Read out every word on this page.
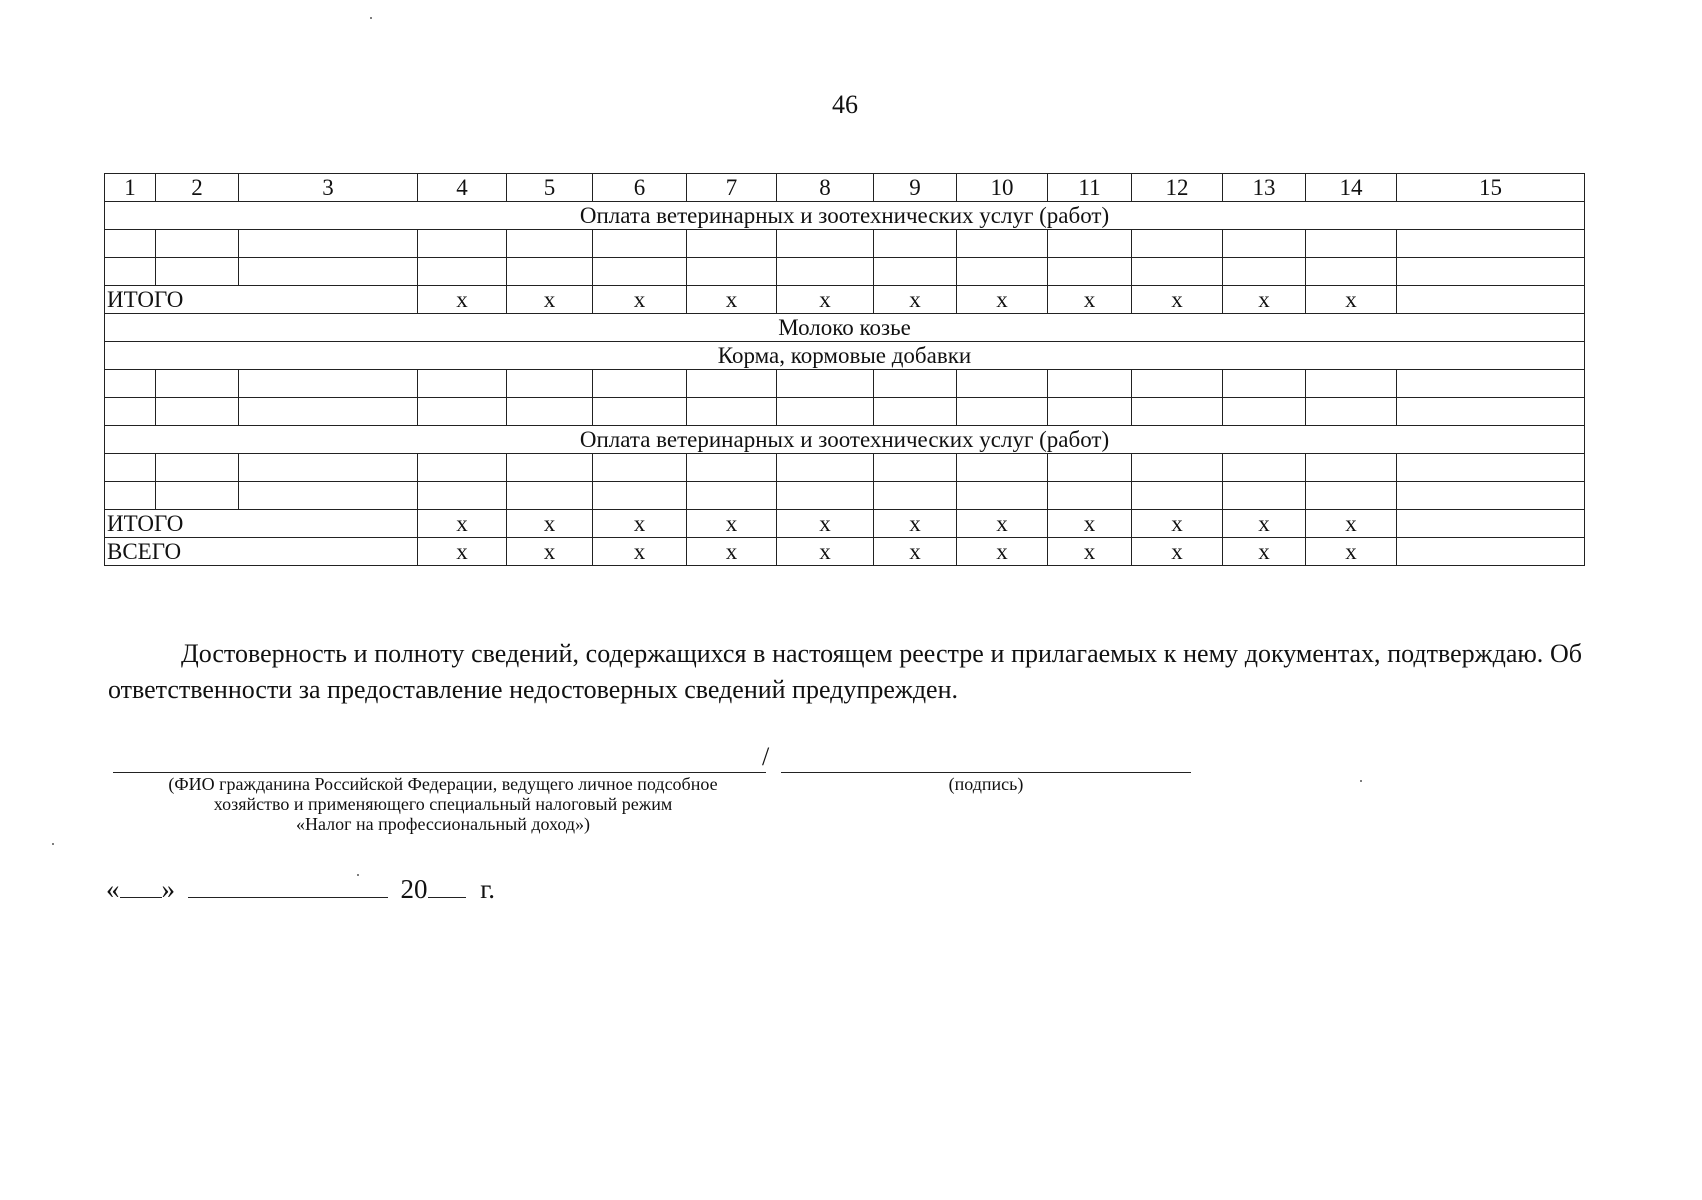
46
1	2	3	4	5	6	7	8	9	10	11	12	13	14	15
Оплата ветеринарных и зоотехнических услуг (работ)														

ИТОГО			х	х	х	х	х	х	х	х	х	х	х	
Молоко козье														
Корма, кормовые добавки														

Оплата ветеринарных и зоотехнических услуг (работ)														

ИТОГО			х	х	х	х	х	х	х	х	х	х	х	
ВСЕГО			х	х	х	х	х	х	х	х	х	х	х	
Достоверность и полноту сведений, содержащихся в настоящем реестре и прилагаемых к нему документах, подтверждаю. Об ответственности за предоставление недостоверных сведений предупрежден.
/
(ФИО гражданина Российской Федерации, ведущего личное подсобное
хозяйство и применяющего специальный налоговый режим
«Налог на профессиональный доход»)
(подпись)
« »	20 г.
